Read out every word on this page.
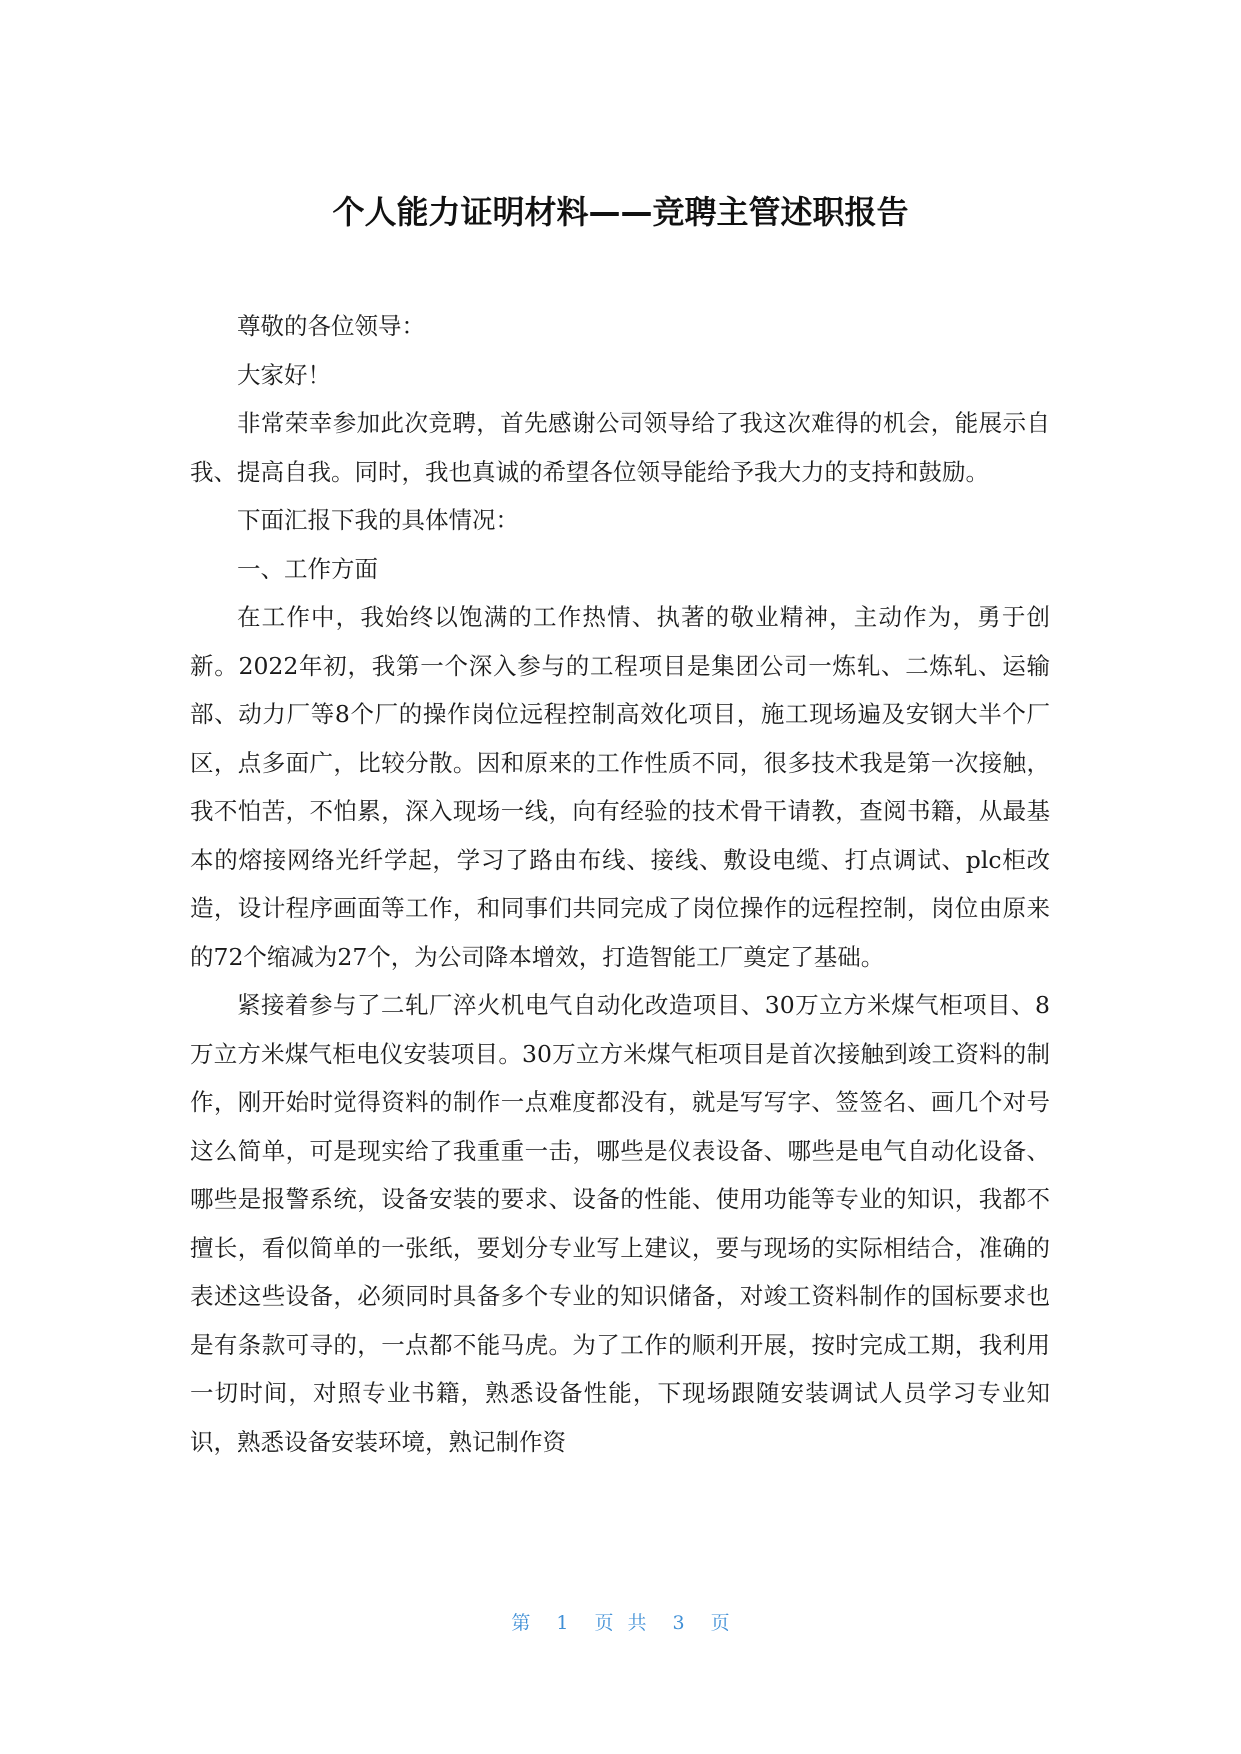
个人能力证明材料——竞聘主管述职报告

尊敬的各位领导：

大家好！

非常荣幸参加此次竞聘，首先感谢公司领导给了我这次难得的机会，能展示自我、提高自我。同时，我也真诚的希望各位领导能给予我大力的支持和鼓励。

下面汇报下我的具体情况：

一、工作方面

在工作中，我始终以饱满的工作热情、执著的敬业精神，主动作为，勇于创新。2022年初，我第一个深入参与的工程项目是集团公司一炼轧、二炼轧、运输部、动力厂等8个厂的操作岗位远程控制高效化项目，施工现场遍及安钢大半个厂区，点多面广，比较分散。因和原来的工作性质不同，很多技术我是第一次接触，我不怕苦，不怕累，深入现场一线，向有经验的技术骨干请教，查阅书籍，从最基本的熔接网络光纤学起，学习了路由布线、接线、敷设电缆、打点调试、plc柜改造，设计程序画面等工作，和同事们共同完成了岗位操作的远程控制，岗位由原来的72个缩减为27个，为公司降本增效，打造智能工厂奠定了基础。

紧接着参与了二轧厂淬火机电气自动化改造项目、30万立方米煤气柜项目、8万立方米煤气柜电仪安装项目。30万立方米煤气柜项目是首次接触到竣工资料的制作，刚开始时觉得资料的制作一点难度都没有，就是写写字、签签名、画几个对号这么简单，可是现实给了我重重一击，哪些是仪表设备、哪些是电气自动化设备、哪些是报警系统，设备安装的要求、设备的性能、使用功能等专业的知识，我都不擅长，看似简单的一张纸，要划分专业写上建议，要与现场的实际相结合，准确的表述这些设备，必须同时具备多个专业的知识储备，对竣工资料制作的国标要求也是有条款可寻的，一点都不能马虎。为了工作的顺利开展，按时完成工期，我利用一切时间，对照专业书籍，熟悉设备性能，下现场跟随安装调试人员学习专业知识，熟悉设备安装环境，熟记制作资

第 1 页共 3 页
